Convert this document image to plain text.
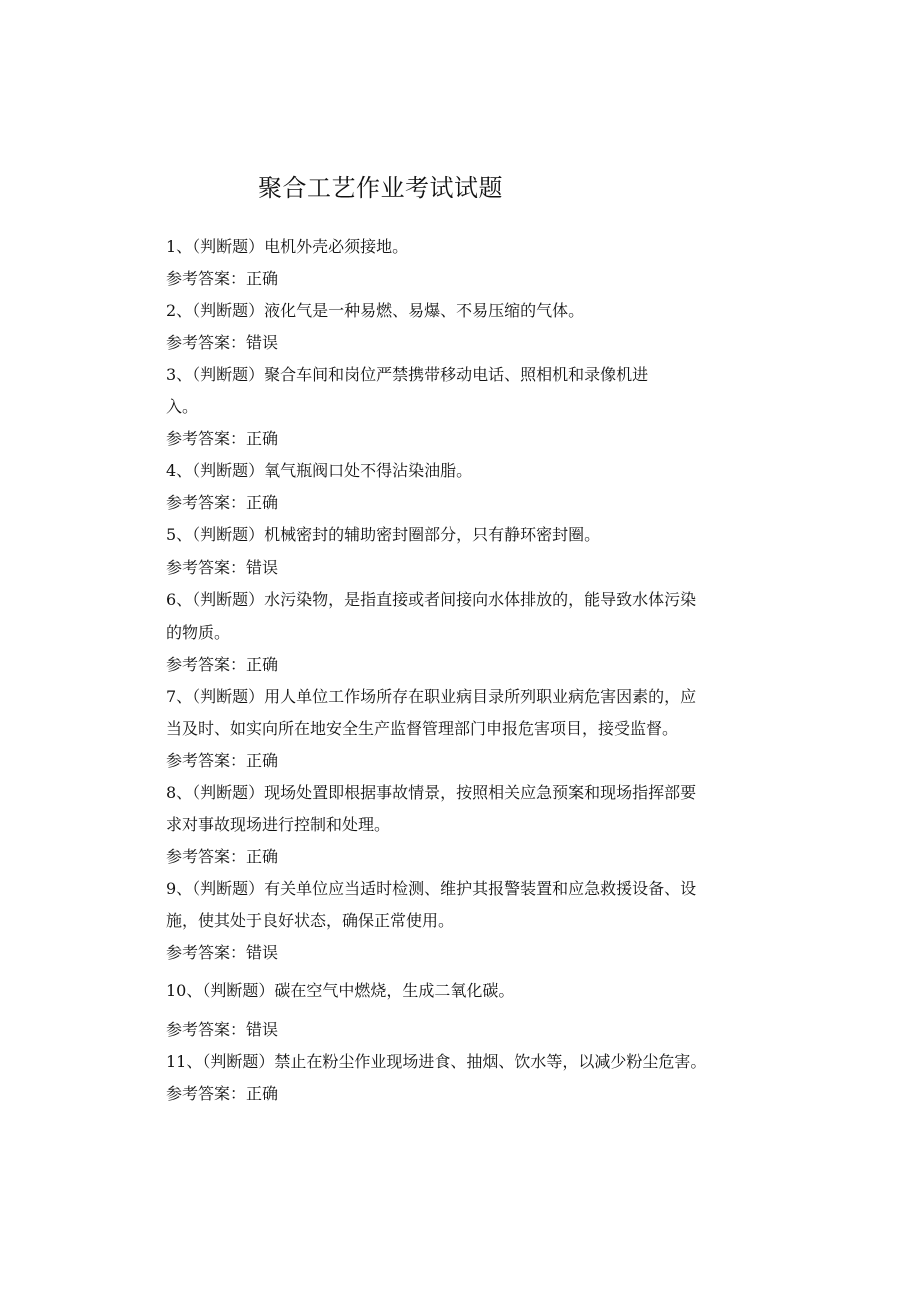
聚合工艺作业考试试题
1、（判断题）电机外壳必须接地。
参考答案：正确
2、（判断题）液化气是一种易燃、易爆、不易压缩的气体。
参考答案：错误
3、（判断题）聚合车间和岗位严禁携带移动电话、照相机和录像机进
入。
参考答案：正确
4、（判断题）氧气瓶阀口处不得沾染油脂。
参考答案：正确
5、（判断题）机械密封的辅助密封圈部分，只有静环密封圈。
参考答案：错误
6、（判断题）水污染物，是指直接或者间接向水体排放的，能导致水体污染
的物质。
参考答案：正确
7、（判断题）用人单位工作场所存在职业病目录所列职业病危害因素的，应
当及时、如实向所在地安全生产监督管理部门申报危害项目，接受监督。
参考答案：正确
8、（判断题）现场处置即根据事故情景，按照相关应急预案和现场指挥部要
求对事故现场进行控制和处理。
参考答案：正确
9、（判断题）有关单位应当适时检测、维护其报警装置和应急救援设备、设
施，使其处于良好状态，确保正常使用。
参考答案：错误
10、（判断题）碳在空气中燃烧，生成二氧化碳。
参考答案：错误
11、（判断题）禁止在粉尘作业现场进食、抽烟、饮水等，以减少粉尘危害。
参考答案：正确
